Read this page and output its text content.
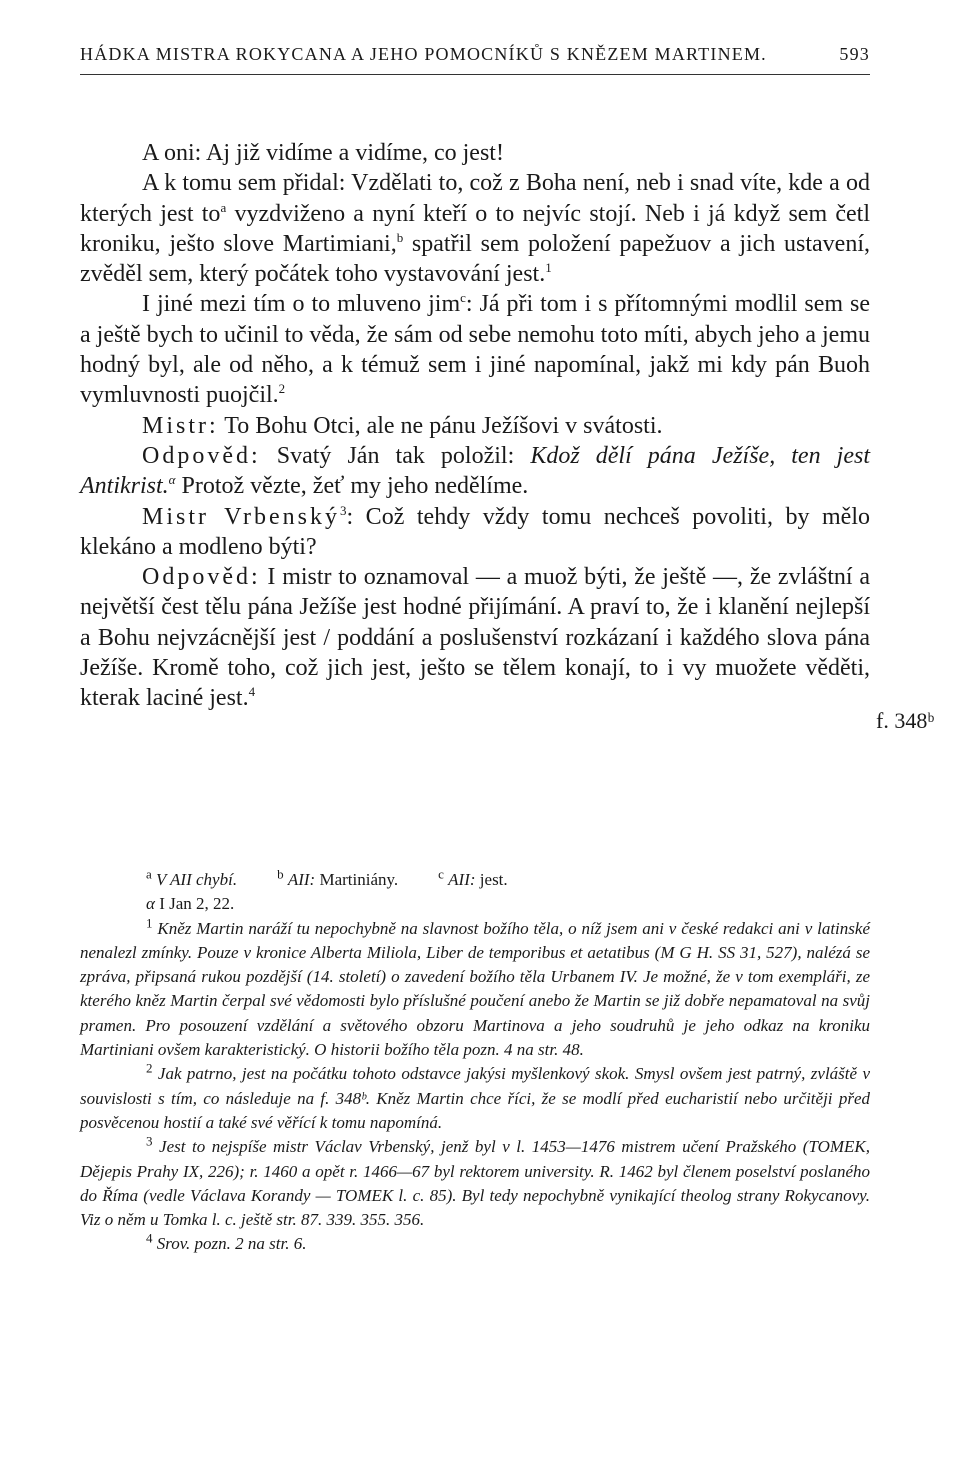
HÁDKA MISTRA ROKYCANA A JEHO POMOCNÍKŮ S KNĚZEM MARTINEM.	593

A oni: Aj již vidíme a vidíme, co jest!

A k tomu sem přidal: Vzdělati to, což z Boha není, neb i snad víte, kde a od kterých jest $to^a$ vyzdviženo a nyní kteří o to nejvíc stojí. Neb i já když sem četl kroniku, ješto slove Martimiani,$^b$ spatřil sem položení papežuov a jich ustavení, zvěděl sem, který počátek toho vystavování jest.$^1$

I jiné mezi tím o to mluveno jim$^c$: Já při tom i s přítomnými modlil sem se a ještě bych to učinil to věda, že sám od sebe nemohu toto míti, abych jeho a jemu hodný byl, ale od něho, a k témuž sem i jiné napomínal, jakž mi kdy pán Buoh vymluvnosti puojčil.$^2$

Mistr: To Bohu Otci, ale ne pánu Ježíšovi v svátosti.

Odpověd: Svatý Ján tak položil: Kdož dělí pána Ježíše, ten jest Antikrist.$^\alpha$ Protož vězte, žeť my jeho nedělíme.

Mistr Vrbenský$^3$: Což tehdy vždy tomu nechceš povoliti, by mělo klekáno a modleno býti?

Odpověd: I mistr to oznamoval — a muož býti, že ještě —, že zvláštní a největší čest tělu pána Ježíše jest hodné přijímání. A praví to, že i klanění nejlepší a Bohu nejvzácnější jest / poddání a poslušenství rozkázaní i každého slova pána Ježíše. Kromě toho, což jich jest, ješto se tělem konají, to i vy muožete věděti, kterak laciné jest.$^4$

f. 348ᵇ
$^a$ V AII chybí.	$^b$ AII: Martiniány.	$^c$ AII: jest.
α I Jan 2, 22.

$^1$ Kněz Martin naráží tu nepochybně na slavnost božího těla, o níž jsem ani v české redakci ani v latinské nenalezl zmínky. Pouze v kronice Alberta Miliola, Liber de temporibus et aetatibus (M G H. SS 31, 527), nalézá se zpráva, připsaná rukou pozdější (14. století) o zavedení božího těla Urbanem IV. Je možné, že v tom exempláři, ze kterého kněz Martin čerpal své vědomosti bylo příslušné poučení anebo že Martin se již dobře nepamatoval na svůj pramen. Pro posouzení vzdělání a světového obzoru Martinova a jeho soudruhů je jeho odkaz na kroniku Martiniani ovšem karakteristický. O historii božího těla pozn. 4 na str. 48.

$^2$ Jak patrno, jest na počátku tohoto odstavce jakýsi myšlenkový skok. Smysl ovšem jest patrný, zvláště v souvislosti s tím, co následuje na f. 348ᵇ. Kněz Martin chce říci, že se modlí před eucharistií nebo určitěji před posvěcenou hostií a také své věřící k tomu napomíná.

$^3$ Jest to nejspíše mistr Václav Vrbenský, jenž byl v l. 1453—1476 mistrem učení Pražského (TOMEK, Dějepis Prahy IX, 226); r. 1460 a opět r. 1466—67 byl rektorem university. R. 1462 byl členem poselství poslaného do Říma (vedle Václava Korandy — TOMEK l. c. 85). Byl tedy nepochybně vynikající theolog strany Rokycanovy. Viz o něm u Tomka l. c. ještě str. 87. 339. 355. 356.

$^4$ Srov. pozn. 2 na str. 6.
